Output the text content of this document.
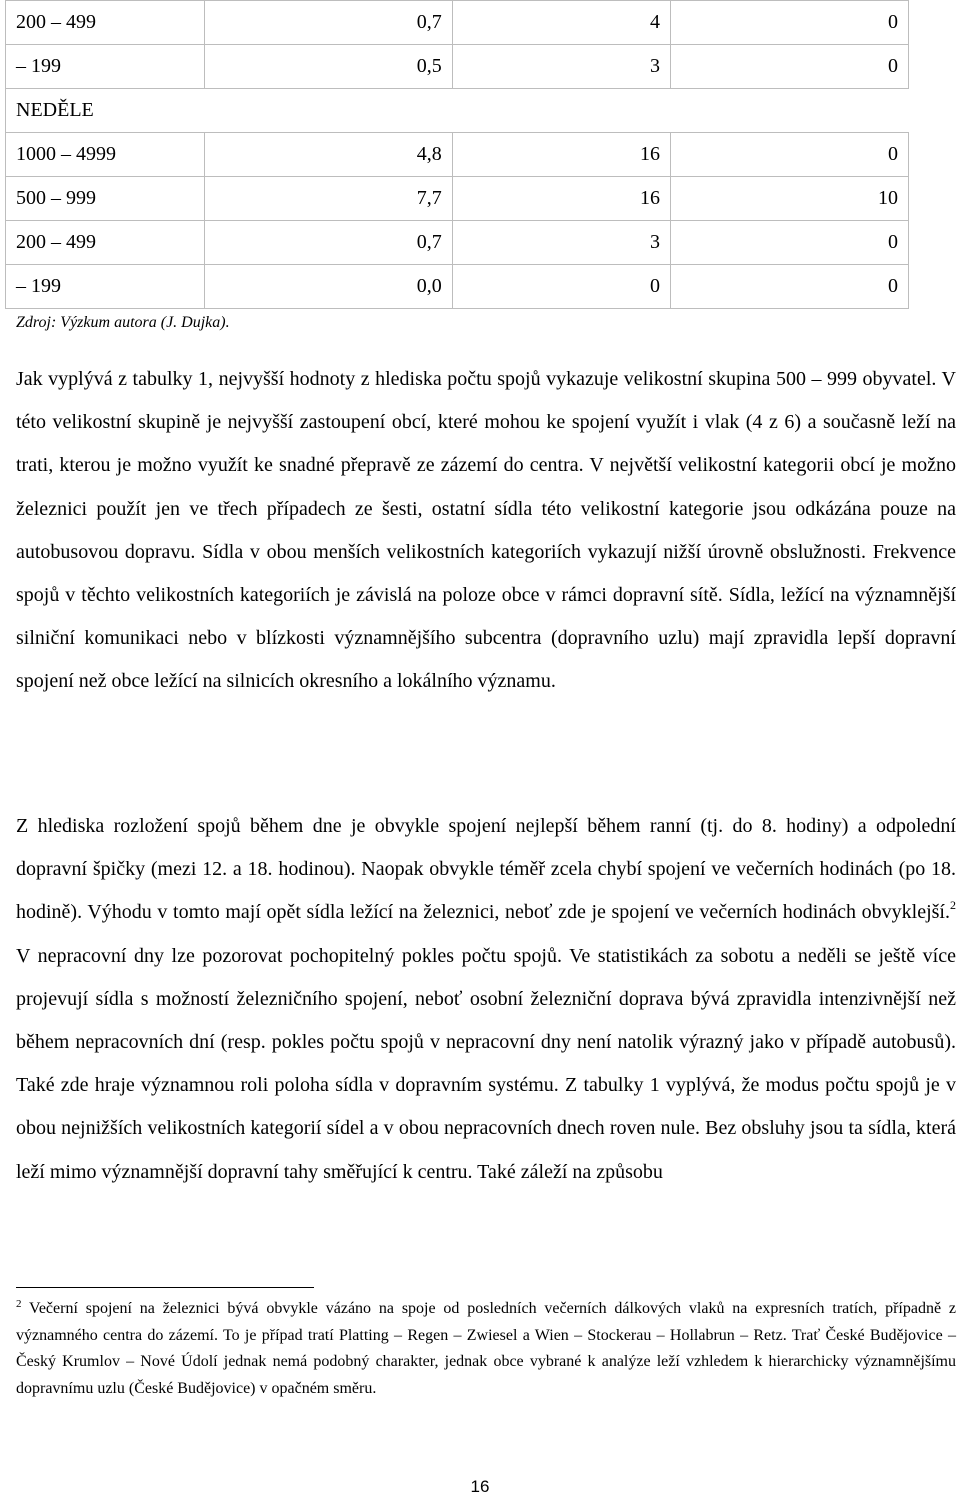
200 – 499	0,7	4	0
– 199	0,5	3	0
NEDĚLE			
1000 – 4999	4,8	16	0
500 – 999	7,7	16	10
200 – 499	0,7	3	0
– 199	0,0	0	0
Zdroj: Výzkum autora (J. Dujka).

Jak vyplývá z tabulky 1, nejvyšší hodnoty z hlediska počtu spojů vykazuje velikostní skupina 500 – 999 obyvatel. V této velikostní skupině je nejvyšší zastoupení obcí, které mohou ke spojení využít i vlak (4 z 6) a současně leží na trati, kterou je možno využít ke snadné přepravě ze zázemí do centra. V největší velikostní kategorii obcí je možno železnici použít jen ve třech případech ze šesti, ostatní sídla této velikostní kategorie jsou odkázána pouze na autobusovou dopravu. Sídla v obou menších velikostních kategoriích vykazují nižší úrovně obslužnosti. Frekvence spojů v těchto velikostních kategoriích je závislá na poloze obce v rámci dopravní sítě. Sídla, ležící na významnější silniční komunikaci nebo v blízkosti významnějšího subcentra (dopravního uzlu) mají zpravidla lepší dopravní spojení než obce ležící na silnicích okresního a lokálního významu.

Z hlediska rozložení spojů během dne je obvykle spojení nejlepší během ranní (tj. do 8. hodiny) a odpolední dopravní špičky (mezi 12. a 18. hodinou). Naopak obvykle téměř zcela chybí spojení ve večerních hodinách (po 18. hodině). Výhodu v tomto mají opět sídla ležící na železnici, neboť zde je spojení ve večerních hodinách obvyklejší.$^2$ V nepracovní dny lze pozorovat pochopitelný pokles počtu spojů. Ve statistikách za sobotu a neděli se ještě více projevují sídla s možností železničního spojení, neboť osobní železniční doprava bývá zpravidla intenzivnější než během nepracovních dní (resp. pokles počtu spojů v nepracovní dny není natolik výrazný jako v případě autobusů). Také zde hraje významnou roli poloha sídla v dopravním systému. Z tabulky 1 vyplývá, že modus počtu spojů je v obou nejnižších velikostních kategorií sídel a v obou nepracovních dnech roven nule. Bez obsluhy jsou ta sídla, která leží mimo významnější dopravní tahy směřující k centru. Také záleží na způsobu

$^2$ Večerní spojení na železnici bývá obvykle vázáno na spoje od posledních večerních dálkových vlaků na expresních tratích, případně z významného centra do zázemí. To je případ tratí Platting – Regen – Zwiesel a Wien – Stockerau – Hollabrun – Retz. Trať České Budějovice – Český Krumlov – Nové Údolí jednak nemá podobný charakter, jednak obce vybrané k analýze leží vzhledem k hierarchicky významnějšímu dopravnímu uzlu (České Budějovice) v opačném směru.

16
